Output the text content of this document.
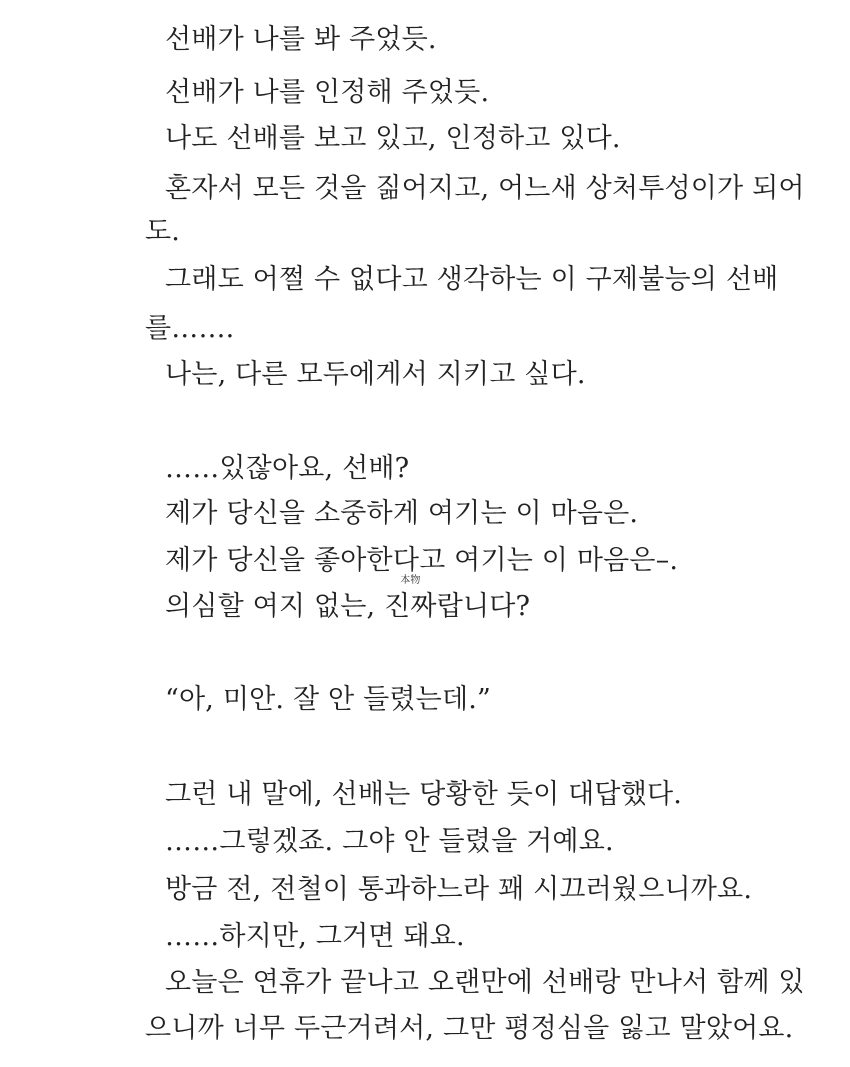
선배가 나를 봐 주었듯.

선배가 나를 인정해 주었듯.

나도 선배를 보고 있고, 인정하고 있다.

혼자서 모든 것을 짊어지고, 어느새 상처투성이가 되어

도.

그래도 어쩔 수 없다고 생각하는 이 구제불능의 선배

를…….

나는, 다른 모두에게서 지키고 싶다.

……있잖아요, 선배?

제가 당신을 소중하게 여기는 이 마음은.

제가 당신을 좋아한다고 여기는 이 마음은–.

의심할 여지 없는,
本物
진짜랍니다?

“아, 미안. 잘 안 들렸는데.”

그런 내 말에, 선배는 당황한 듯이 대답했다.

……그렇겠죠. 그야 안 들렸을 거예요.

방금 전, 전철이 통과하느라 꽤 시끄러웠으니까요.

……하지만, 그거면 돼요.

오늘은 연휴가 끝나고 오랜만에 선배랑 만나서 함께 있

으니까 너무 두근거려서, 그만 평정심을 잃고 말았어요.
